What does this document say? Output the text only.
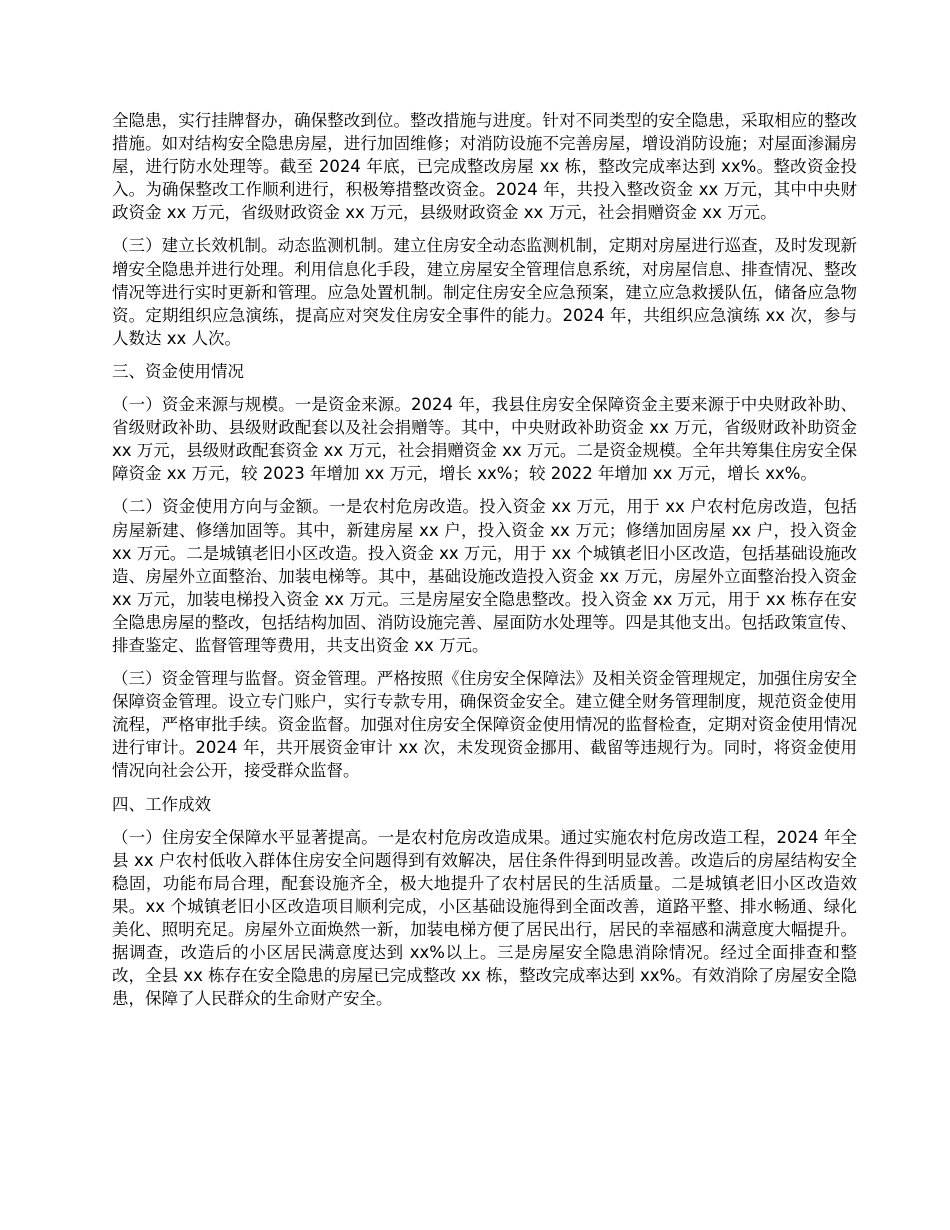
全隐患，实行挂牌督办，确保整改到位。整改措施与进度。针对不同类型的安全隐患，采取相应的整改措施。如对结构安全隐患房屋，进行加固维修；对消防设施不完善房屋，增设消防设施；对屋面渗漏房屋，进行防水处理等。截至 2024 年底，已完成整改房屋 xx 栋，整改完成率达到 xx%。整改资金投入。为确保整改工作顺利进行，积极筹措整改资金。2024 年，共投入整改资金 xx 万元，其中中央财政资金 xx 万元，省级财政资金 xx 万元，县级财政资金 xx 万元，社会捐赠资金 xx 万元。

（三）建立长效机制。动态监测机制。建立住房安全动态监测机制，定期对房屋进行巡查，及时发现新增安全隐患并进行处理。利用信息化手段，建立房屋安全管理信息系统，对房屋信息、排查情况、整改情况等进行实时更新和管理。应急处置机制。制定住房安全应急预案，建立应急救援队伍，储备应急物资。定期组织应急演练，提高应对突发住房安全事件的能力。2024 年，共组织应急演练 xx 次，参与人数达 xx 人次。

三、资金使用情况

（一）资金来源与规模。一是资金来源。2024 年，我县住房安全保障资金主要来源于中央财政补助、省级财政补助、县级财政配套以及社会捐赠等。其中，中央财政补助资金 xx 万元，省级财政补助资金 xx 万元，县级财政配套资金 xx 万元，社会捐赠资金 xx 万元。二是资金规模。全年共筹集住房安全保障资金 xx 万元，较 2023 年增加 xx 万元，增长 xx%；较 2022 年增加 xx 万元，增长 xx%。

（二）资金使用方向与金额。一是农村危房改造。投入资金 xx 万元，用于 xx 户农村危房改造，包括房屋新建、修缮加固等。其中，新建房屋 xx 户，投入资金 xx 万元；修缮加固房屋 xx 户，投入资金 xx 万元。二是城镇老旧小区改造。投入资金 xx 万元，用于 xx 个城镇老旧小区改造，包括基础设施改造、房屋外立面整治、加装电梯等。其中，基础设施改造投入资金 xx 万元，房屋外立面整治投入资金 xx 万元，加装电梯投入资金 xx 万元。三是房屋安全隐患整改。投入资金 xx 万元，用于 xx 栋存在安全隐患房屋的整改，包括结构加固、消防设施完善、屋面防水处理等。四是其他支出。包括政策宣传、排查鉴定、监督管理等费用，共支出资金 xx 万元。

（三）资金管理与监督。资金管理。严格按照《住房安全保障法》及相关资金管理规定，加强住房安全保障资金管理。设立专门账户，实行专款专用，确保资金安全。建立健全财务管理制度，规范资金使用流程，严格审批手续。资金监督。加强对住房安全保障资金使用情况的监督检查，定期对资金使用情况进行审计。2024 年，共开展资金审计 xx 次，未发现资金挪用、截留等违规行为。同时，将资金使用情况向社会公开，接受群众监督。

四、工作成效

（一）住房安全保障水平显著提高。一是农村危房改造成果。通过实施农村危房改造工程，2024 年全县 xx 户农村低收入群体住房安全问题得到有效解决，居住条件得到明显改善。改造后的房屋结构安全稳固，功能布局合理，配套设施齐全，极大地提升了农村居民的生活质量。二是城镇老旧小区改造效果。xx 个城镇老旧小区改造项目顺利完成，小区基础设施得到全面改善，道路平整、排水畅通、绿化美化、照明充足。房屋外立面焕然一新，加装电梯方便了居民出行，居民的幸福感和满意度大幅提升。据调查，改造后的小区居民满意度达到 xx%以上。三是房屋安全隐患消除情况。经过全面排查和整改，全县 xx 栋存在安全隐患的房屋已完成整改 xx 栋，整改完成率达到 xx%。有效消除了房屋安全隐患，保障了人民群众的生命财产安全。
